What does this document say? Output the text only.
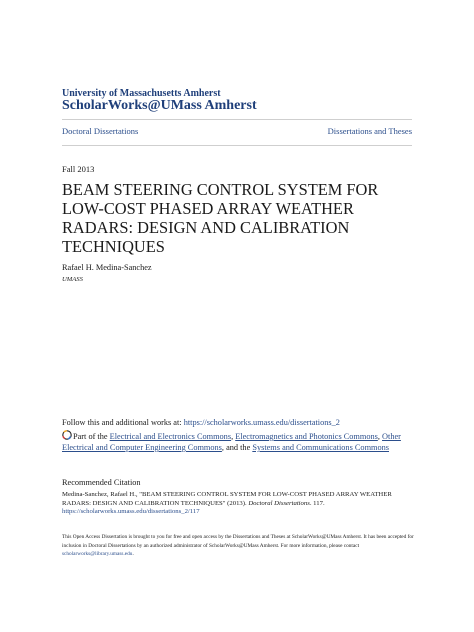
University of Massachusetts Amherst
ScholarWorks@UMass Amherst
Doctoral Dissertations	Dissertations and Theses
Fall 2013
BEAM STEERING CONTROL SYSTEM FOR LOW-COST PHASED ARRAY WEATHER RADARS: DESIGN AND CALIBRATION TECHNIQUES
Rafael H. Medina-Sanchez
UMASS
Follow this and additional works at: https://scholarworks.umass.edu/dissertations_2
Part of the Electrical and Electronics Commons, Electromagnetics and Photonics Commons, Other Electrical and Computer Engineering Commons, and the Systems and Communications Commons
Recommended Citation
Medina-Sanchez, Rafael H., "BEAM STEERING CONTROL SYSTEM FOR LOW-COST PHASED ARRAY WEATHER RADARS: DESIGN AND CALIBRATION TECHNIQUES" (2013). Doctoral Dissertations. 117.
https://scholarworks.umass.edu/dissertations_2/117
This Open Access Dissertation is brought to you for free and open access by the Dissertations and Theses at ScholarWorks@UMass Amherst. It has been accepted for inclusion in Doctoral Dissertations by an authorized administrator of ScholarWorks@UMass Amherst. For more information, please contact scholarworks@library.umass.edu.
